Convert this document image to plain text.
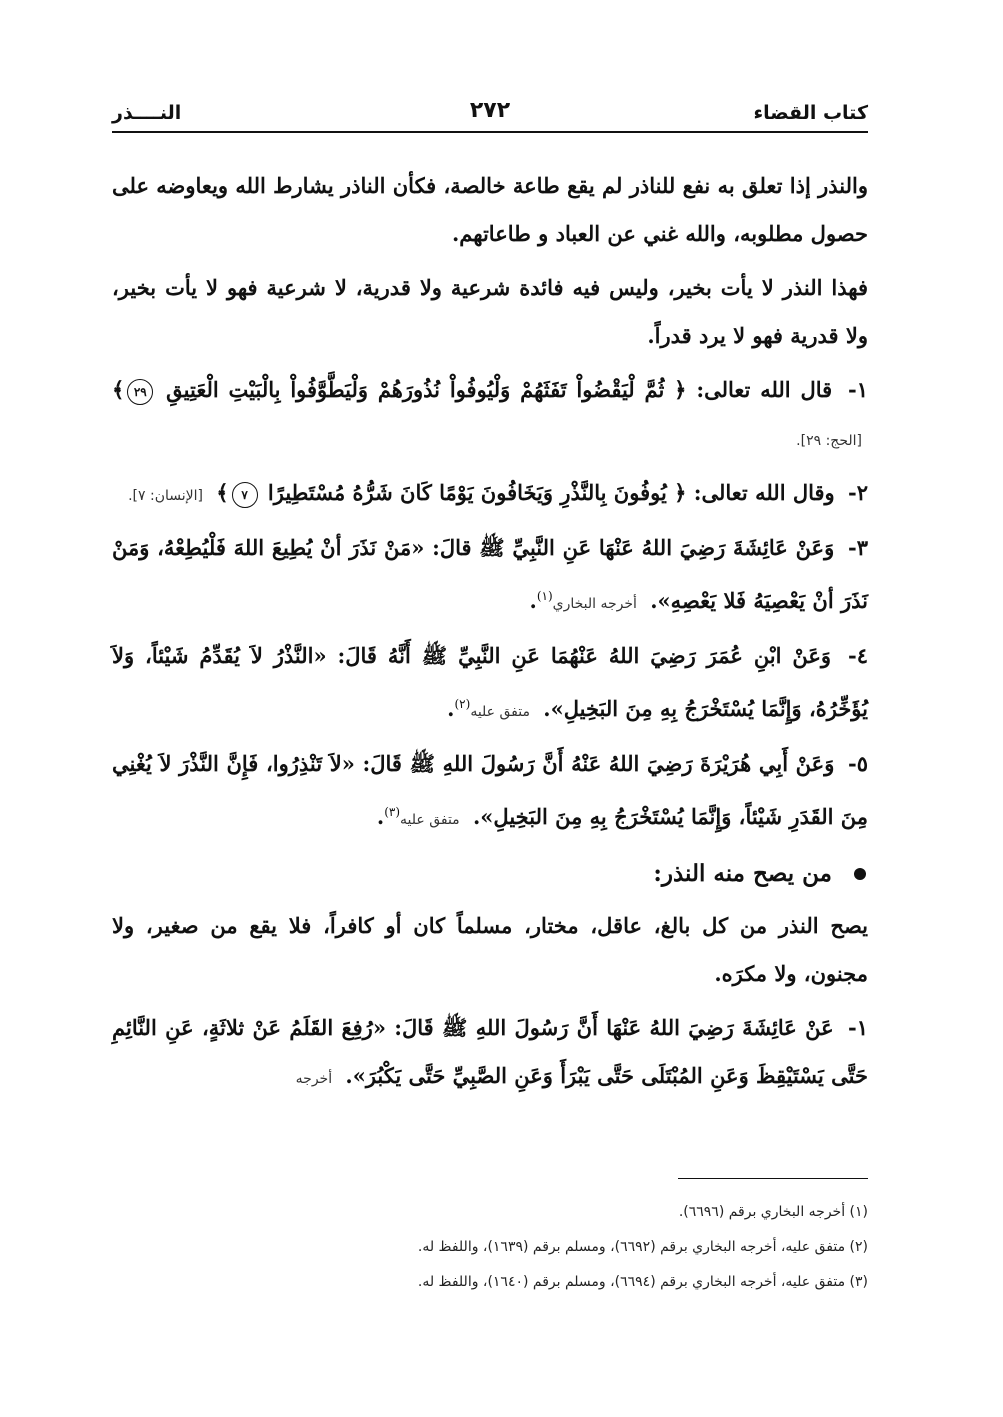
كتاب القضاء
٢٧٢
النــــذر

والنذر إذا تعلق به نفع للناذر لم يقع طاعة خالصة، فكأن الناذر يشارط الله ويعاوضه على حصول مطلوبه، والله غني عن العباد و طاعاتهم.

فهذا النذر لا يأت بخير، وليس فيه فائدة شرعية ولا قدرية، لا شرعية فهو لا يأت بخير، ولا قدرية فهو لا يرد قدراً.

١- قال الله تعالى: ﴿ ثُمَّ لْيَقْضُواْ تَفَثَهُمْ وَلْيُوفُواْ نُذُورَهُمْ وَلْيَطَّوَّفُواْ بِالْبَيْتِ الْعَتِيقِ ٢٩﴾ [الحج: ٢٩].

٢- وقال الله تعالى: ﴿ يُوفُونَ بِالنَّذْرِ وَيَخَافُونَ يَوْمًا كَانَ شَرُّهُ مُسْتَطِيرًا ٧﴾ [الإنسان: ٧].

٣- وَعَنْ عَائِشَةَ رَضِيَ اللهُ عَنْهَا عَنِ النَّبِيِّ ﷺ قالَ: «مَنْ نَذَرَ أنْ يُطِيعَ اللهَ فَلْيُطِعْهُ، وَمَنْ نَذَرَ أنْ يَعْصِيَهُ فَلا يَعْصِهِ». أخرجه البخاري$^{(١)}$.

٤- وَعَنْ ابْنِ عُمَرَ رَضِيَ اللهُ عَنْهُمَا عَنِ النَّبِيِّ ﷺ أَنَّهُ قَالَ: «النَّذْرُ لاَ يُقَدِّمُ شَيْئاً، وَلاَ يُؤَخِّرُهُ، وَإِنَّمَا يُسْتَخْرَجُ بِهِ مِنَ البَخِيلِ». متفق عليه$^{(٢)}$.

٥- وَعَنْ أَبِي هُرَيْرَةَ رَضِيَ اللهُ عَنْهُ أَنَّ رَسُولَ اللهِ ﷺ قَالَ: «لاَ تَنْذِرُوا، فَإِنَّ النَّذْرَ لاَ يُغْنِي مِنَ القَدَرِ شَيْئاً، وَإِنَّمَا يُسْتَخْرَجُ بِهِ مِنَ البَخِيلِ». متفق عليه$^{(٣)}$.

من يصح منه النذر:

يصح النذر من كل بالغ، عاقل، مختار، مسلماً كان أو كافراً، فلا يقع من صغير، ولا مجنون، ولا مكرَه.

١- عَنْ عَائِشَةَ رَضِيَ اللهُ عَنْهَا أَنَّ رَسُولَ اللهِ ﷺ قَالَ: «رُفِعَ القَلَمُ عَنْ ثلاثَةٍ، عَنِ النَّائِمِ حَتَّى يَسْتَيْقِظَ وَعَنِ المُبْتَلَى حَتَّى يَبْرَأَ وَعَنِ الصَّبِيِّ حَتَّى يَكْبُرَ». أخرجه

(١) أخرجه البخاري برقم (٦٦٩٦).
(٢) متفق عليه، أخرجه البخاري برقم (٦٦٩٢)، ومسلم برقم (١٦٣٩)، واللفظ له.
(٣) متفق عليه، أخرجه البخاري برقم (٦٦٩٤)، ومسلم برقم (١٦٤٠)، واللفظ له.
